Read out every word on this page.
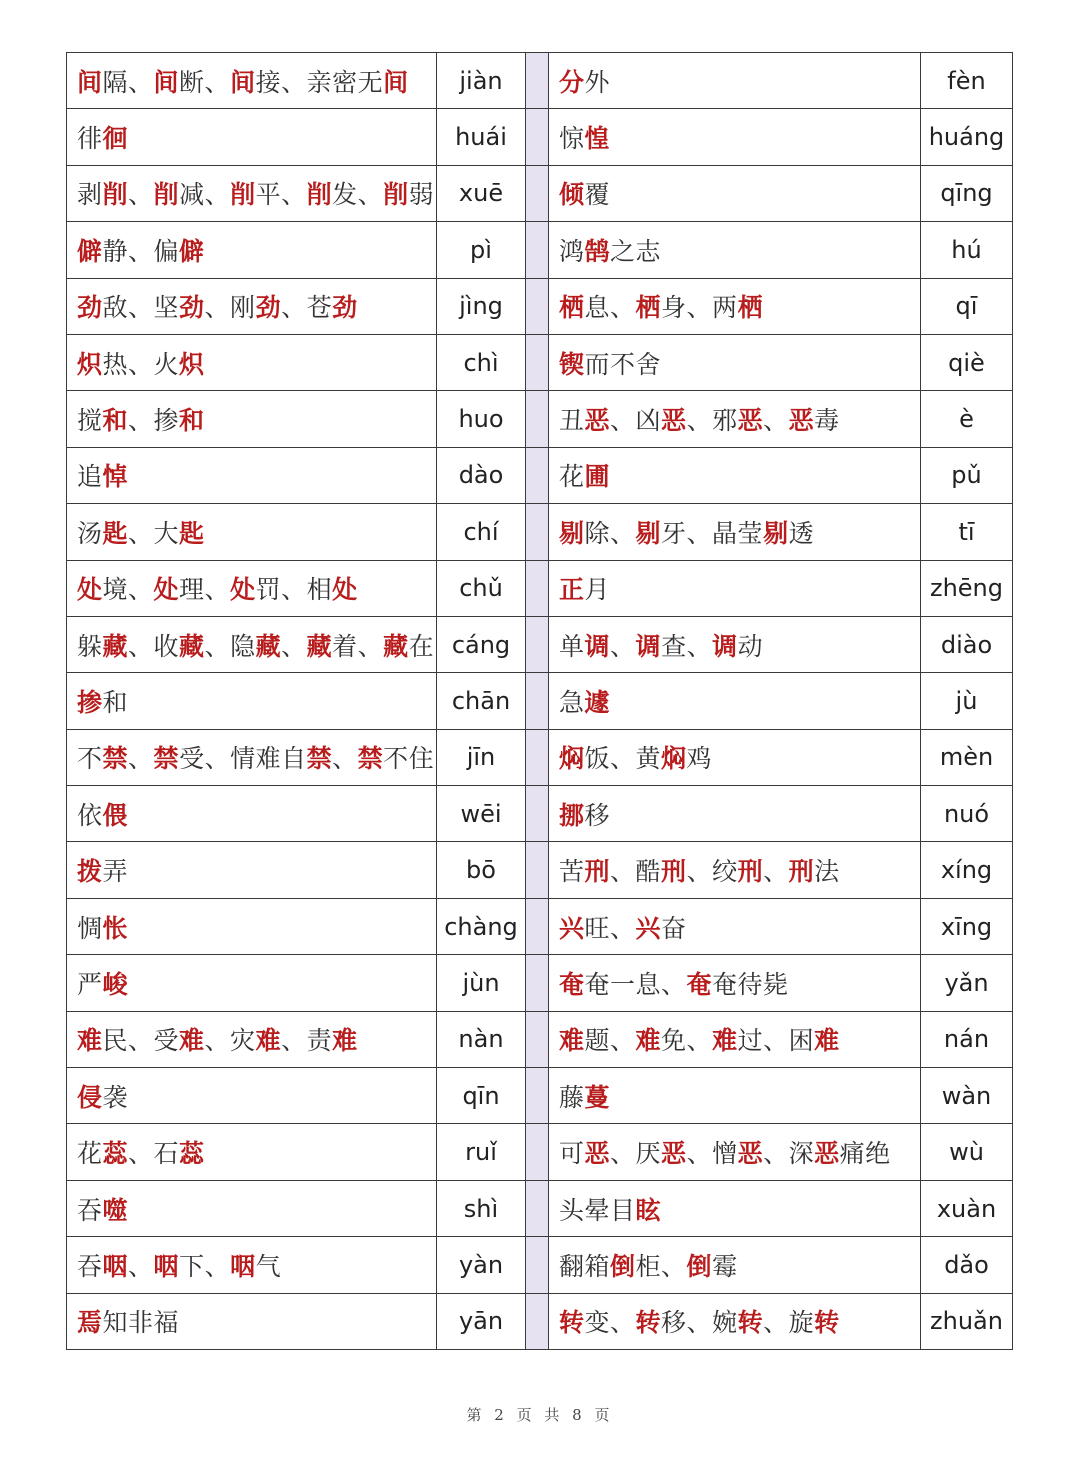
间隔、间断、间接、亲密无间	jiàn		分外	fèn
徘徊	huái		惊惶	huáng
剥削、削减、削平、削发、削弱	xuē		倾覆	qīng
僻静、偏僻	pì		鸿鹄之志	hú
劲敌、坚劲、刚劲、苍劲	jìng		栖息、栖身、两栖	qī
炽热、火炽	chì		锲而不舍	qiè
搅和、掺和	huo		丑恶、凶恶、邪恶、恶毒	è
追悼	dào		花圃	pǔ
汤匙、大匙	chí		剔除、剔牙、晶莹剔透	tī
处境、处理、处罚、相处	chǔ		正月	zhēng
躲藏、收藏、隐藏、藏着、藏在	cáng		单调、调查、调动	diào
掺和	chān		急遽	jù
不禁、禁受、情难自禁、禁不住	jīn		焖饭、黄焖鸡	mèn
依偎	wēi		挪移	nuó
拨弄	bō		苦刑、酷刑、绞刑、刑法	xíng
惆怅	chàng		兴旺、兴奋	xīng
严峻	jùn		奄奄一息、奄奄待毙	yǎn
难民、受难、灾难、责难	nàn		难题、难免、难过、困难	nán
侵袭	qīn		藤蔓	wàn
花蕊、石蕊	ruǐ		可恶、厌恶、憎恶、深恶痛绝	wù
吞噬	shì		头晕目眩	xuàn
吞咽、咽下、咽气	yàn		翻箱倒柜、倒霉	dǎo
焉知非福	yān		转变、转移、婉转、旋转	zhuǎn
第 2 页 共 8 页
